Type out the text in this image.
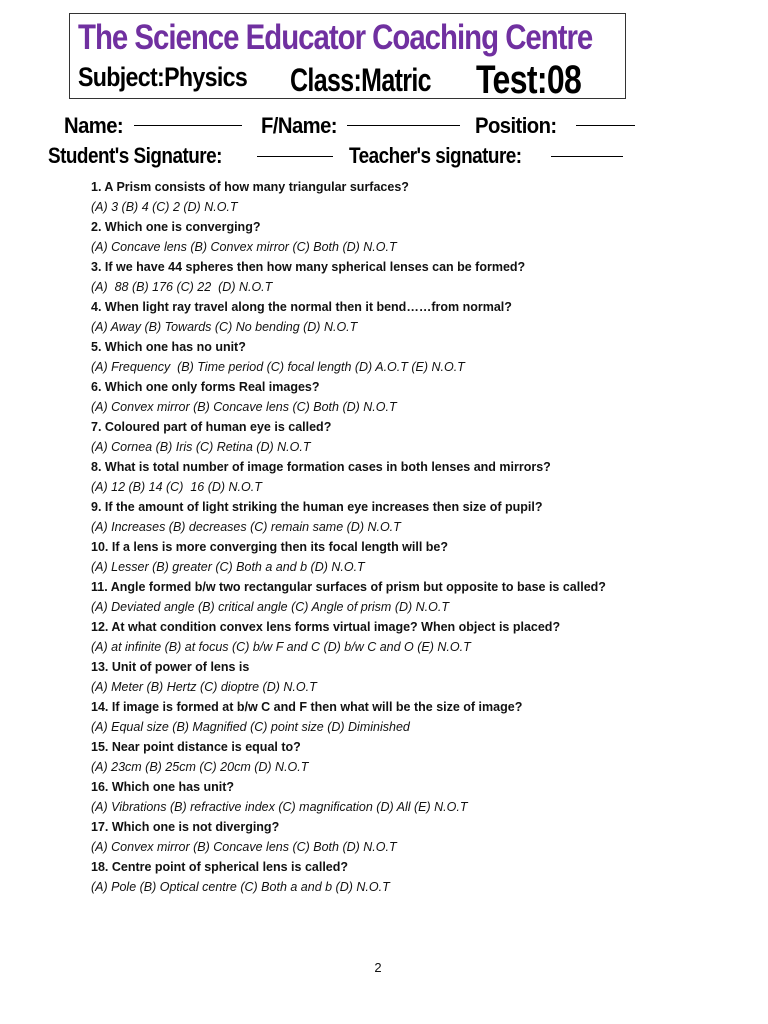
The Science Educator Coaching Centre
Subject:Physics Class:Matric Test:08
Name:	F/Name:	Position:
Student's Signature:	Teacher's signature:
1. A Prism consists of how many triangular surfaces?
(A) 3 (B) 4 (C) 2 (D) N.O.T
2. Which one is converging?
(A) Concave lens (B) Convex mirror (C) Both (D) N.O.T
3. If we have 44 spheres then how many spherical lenses can be formed?
(A)  88 (B) 176 (C) 22  (D) N.O.T
4. When light ray travel along the normal then it bend……from normal?
(A) Away (B) Towards (C) No bending (D) N.O.T
5. Which one has no unit?
(A) Frequency  (B) Time period (C) focal length (D) A.O.T (E) N.O.T
6. Which one only forms Real images?
(A) Convex mirror (B) Concave lens (C) Both (D) N.O.T
7. Coloured part of human eye is called?
(A) Cornea (B) Iris (C) Retina (D) N.O.T
8. What is total number of image formation cases in both lenses and mirrors?
(A) 12 (B) 14 (C)  16 (D) N.O.T
9. If the amount of light striking the human eye increases then size of pupil?
(A) Increases (B) decreases (C) remain same (D) N.O.T
10. If a lens is more converging then its focal length will be?
(A) Lesser (B) greater (C) Both a and b (D) N.O.T
11. Angle formed b/w two rectangular surfaces of prism but opposite to base is called?
(A) Deviated angle (B) critical angle (C) Angle of prism (D) N.O.T
12. At what condition convex lens forms virtual image? When object is placed?
(A) at infinite (B) at focus (C) b/w F and C (D) b/w C and O (E) N.O.T
13. Unit of power of lens is
(A) Meter (B) Hertz (C) dioptre (D) N.O.T
14. If image is formed at b/w C and F then what will be the size of image?
(A) Equal size (B) Magnified (C) point size (D) Diminished
15. Near point distance is equal to?
(A) 23cm (B) 25cm (C) 20cm (D) N.O.T
16. Which one has unit?
(A) Vibrations (B) refractive index (C) magnification (D) All (E) N.O.T
17. Which one is not diverging?
(A) Convex mirror (B) Concave lens (C) Both (D) N.O.T
18. Centre point of spherical lens is called?
(A) Pole (B) Optical centre (C) Both a and b (D) N.O.T
2
